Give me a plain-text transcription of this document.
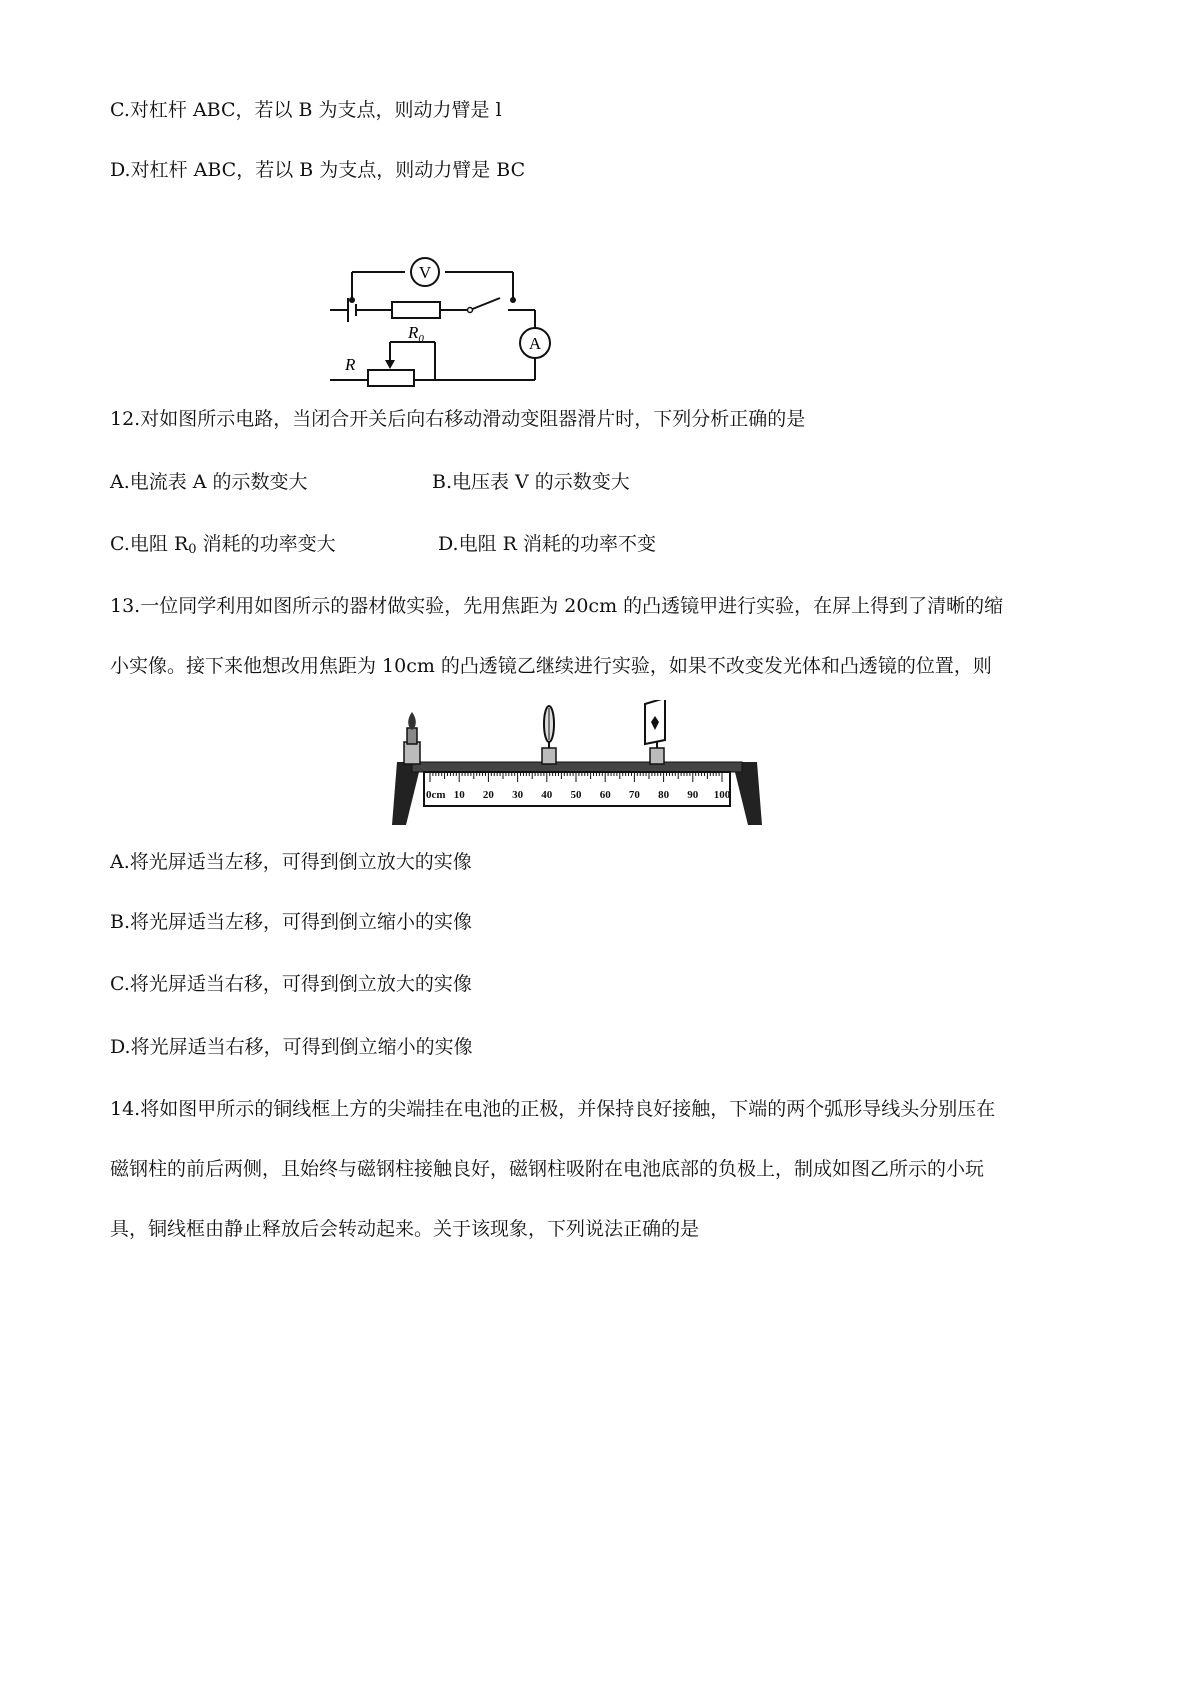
C.对杠杆 ABC，若以 B 为支点，则动力臂是 l
D.对杠杆 ABC，若以 B 为支点，则动力臂是 BC
V
A
$R_0$
R
12.对如图所示电路，当闭合开关后向右移动滑动变阻器滑片时，下列分析正确的是
A.电流表 A 的示数变大	B.电压表 V 的示数变大
C.电阻 $R_0$ 消耗的功率变大	D.电阻 R 消耗的功率不变
13.一位同学利用如图所示的器材做实验，先用焦距为 20cm 的凸透镜甲进行实验，在屏上得到了清晰的缩
小实像。接下来他想改用焦距为 10cm 的凸透镜乙继续进行实验，如果不改变发光体和凸透镜的位置，则
0cm 10 20 30 40 50 60 70 80 90 100
A.将光屏适当左移，可得到倒立放大的实像
B.将光屏适当左移，可得到倒立缩小的实像
C.将光屏适当右移，可得到倒立放大的实像
D.将光屏适当右移，可得到倒立缩小的实像
14.将如图甲所示的铜线框上方的尖端挂在电池的正极，并保持良好接触，下端的两个弧形导线头分别压在
磁钢柱的前后两侧，且始终与磁钢柱接触良好，磁钢柱吸附在电池底部的负极上，制成如图乙所示的小玩
具，铜线框由静止释放后会转动起来。关于该现象，下列说法正确的是
